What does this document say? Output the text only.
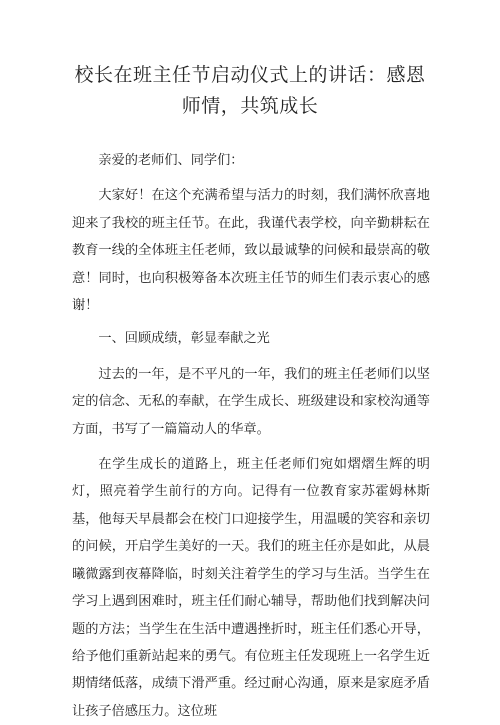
校长在班主任节启动仪式上的讲话：感恩师情，共筑成长

亲爱的老师们、同学们：

大家好！在这个充满希望与活力的时刻，我们满怀欣喜地迎来了我校的班主任节。在此，我谨代表学校，向辛勤耕耘在教育一线的全体班主任老师，致以最诚挚的问候和最崇高的敬意！同时，也向积极筹备本次班主任节的师生们表示衷心的感谢！

一、回顾成绩，彰显奉献之光

过去的一年，是不平凡的一年，我们的班主任老师们以坚定的信念、无私的奉献，在学生成长、班级建设和家校沟通等方面，书写了一篇篇动人的华章。

在学生成长的道路上，班主任老师们宛如熠熠生辉的明灯，照亮着学生前行的方向。记得有一位教育家苏霍姆林斯基，他每天早晨都会在校门口迎接学生，用温暖的笑容和亲切的问候，开启学生美好的一天。我们的班主任亦是如此，从晨曦微露到夜幕降临，时刻关注着学生的学习与生活。当学生在学习上遇到困难时，班主任们耐心辅导，帮助他们找到解决问题的方法；当学生在生活中遭遇挫折时，班主任们悉心开导，给予他们重新站起来的勇气。有位班主任发现班上一名学生近期情绪低落，成绩下滑严重。经过耐心沟通，原来是家庭矛盾让孩子倍感压力。这位班
